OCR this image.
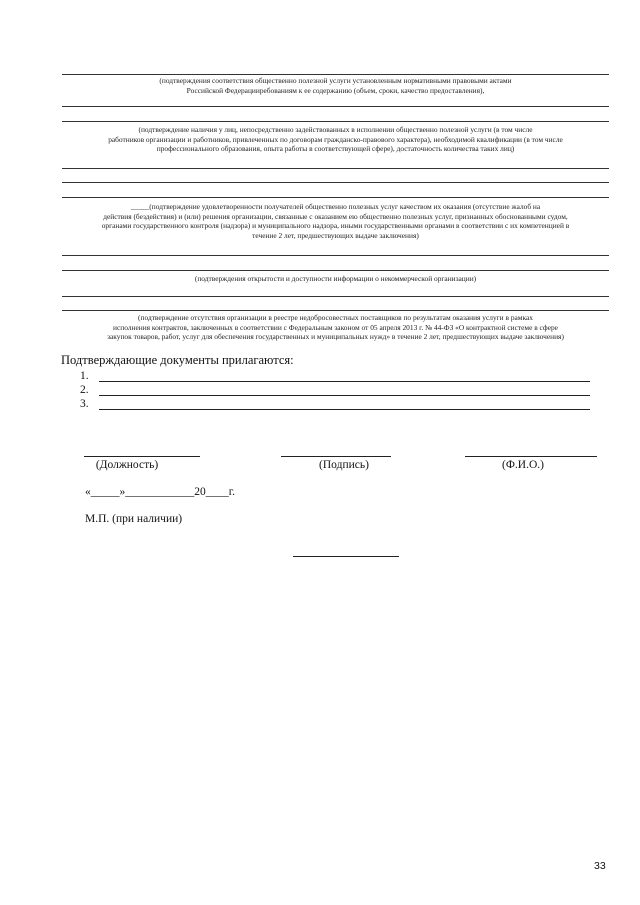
(подтверждения соответствия общественно полезной услуги установленным нормативными правовыми актами
Российской Федерацииребованиям к ее содержанию (объем, сроки, качество предоставления),
(подтверждение наличия у лиц, непосредственно задействованных в исполнении общественно полезной услуги (в том числе
работников организации и работников, привлеченных по договорам гражданско-правового характера), необходимой квалификации (в том числе
профессионального образования, опыта работы в соответствующей сфере), достаточность количества таких лиц)
_____(подтверждение удовлетворенности получателей общественно полезных услуг качеством их оказания (отсутствие жалоб на
действия (бездействия) и (или) решения организации, связанные с оказанием ею общественно полезных услуг, признанных обоснованными судом,
органами государственного контроля (надзора) и муниципального надзора, иными государственными органами в соответствии с их компетенцией в
течение 2 лет, предшествующих выдаче заключения)
(подтверждения открытости и доступности информации о некоммерческой организации)
(подтверждение отсутствия организации в реестре недобросовестных поставщиков по результатам оказания услуги в рамках
исполнения контрактов, заключенных в соответствии с Федеральным законом от 05 апреля 2013 г. № 44-ФЗ «О контрактной системе в сфере
закупок товаров, работ, услуг для обеспечения государственных и муниципальных нужд» в течение 2 лет, предшествующих выдаче заключения)
Подтверждающие документы прилагаются:
1.
2.
3.
(Должность)	(Подпись)	(Ф.И.О.)
«_____»____________20____г.
М.П. (при наличии)
33
